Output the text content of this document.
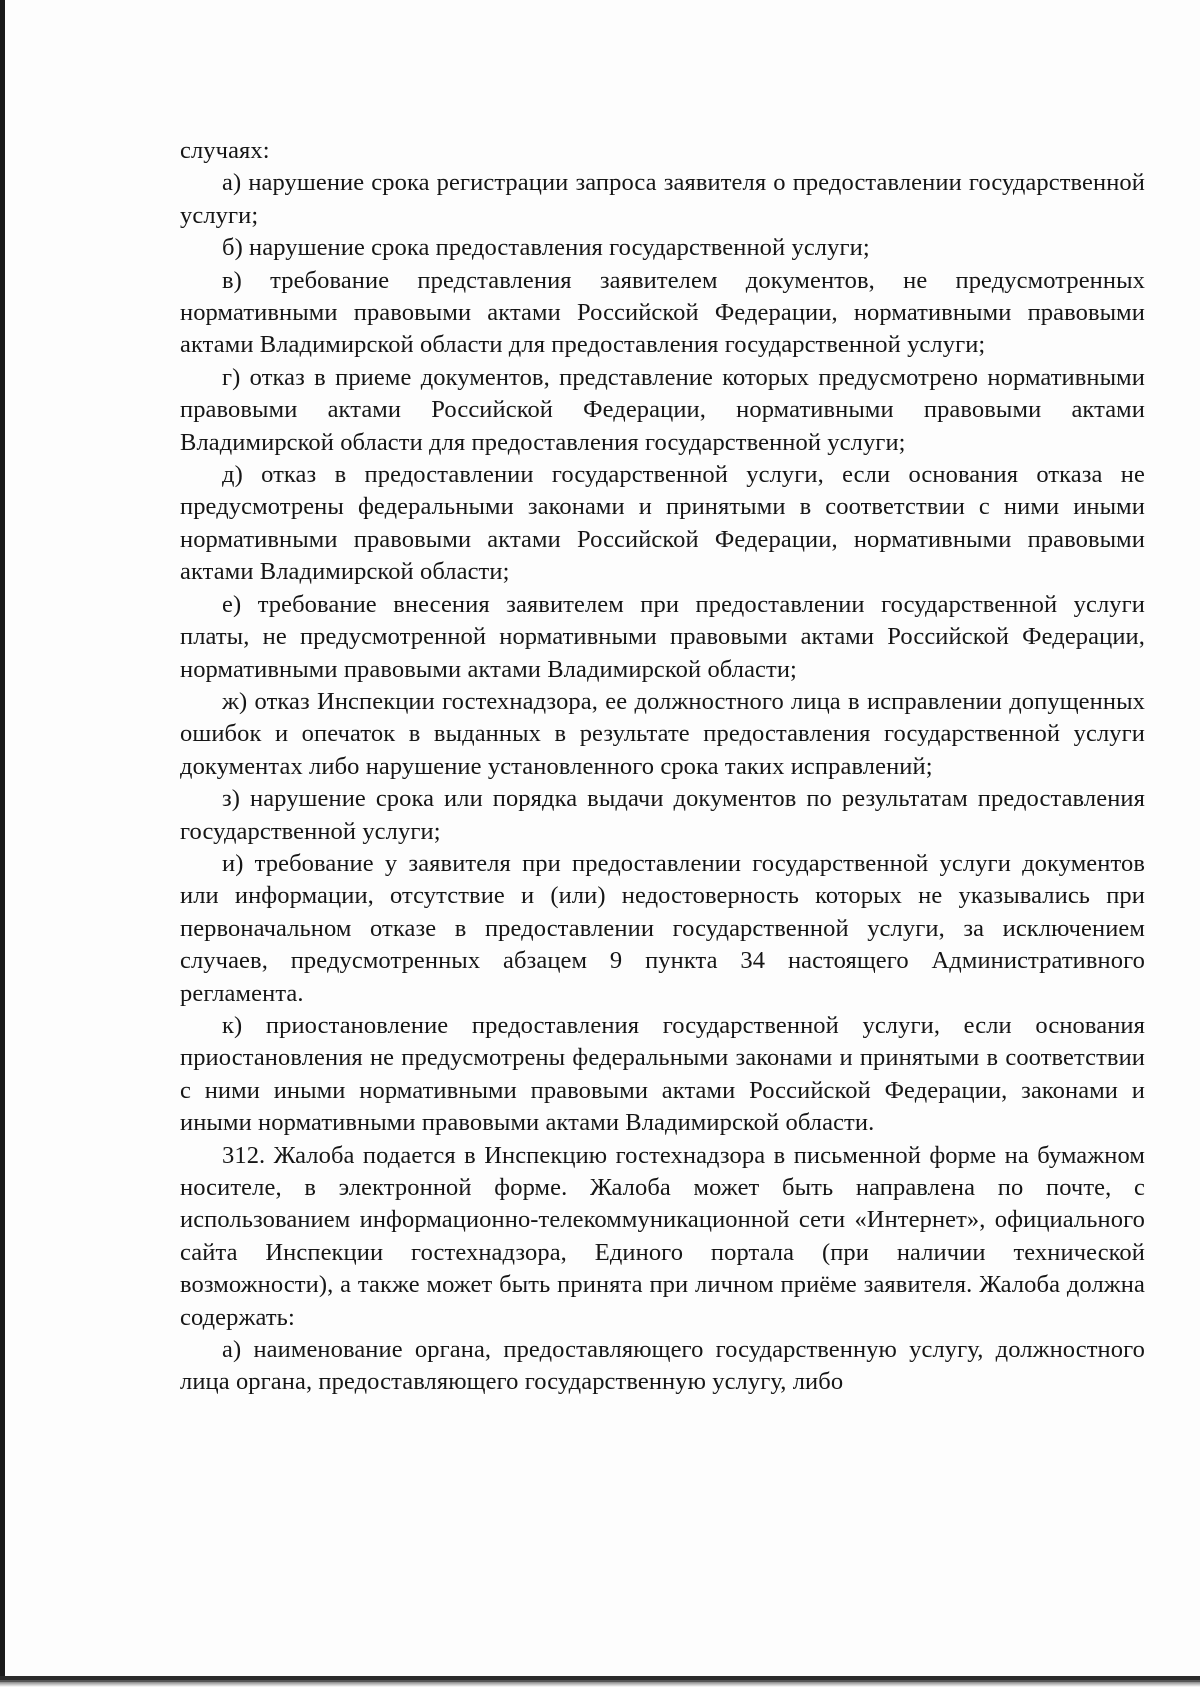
случаях:

а) нарушение срока регистрации запроса заявителя о предоставлении государственной услуги;

б) нарушение срока предоставления государственной услуги;

в) требование представления заявителем документов, не предусмотренных нормативными правовыми актами Российской Федерации, нормативными правовыми актами Владимирской области для предоставления государственной услуги;

г) отказ в приеме документов, представление которых предусмотрено нормативными правовыми актами Российской Федерации, нормативными правовыми актами Владимирской области для предоставления государственной услуги;

д) отказ в предоставлении государственной услуги, если основания отказа не предусмотрены федеральными законами и принятыми в соответствии с ними иными нормативными правовыми актами Российской Федерации, нормативными правовыми актами Владимирской области;

е) требование внесения заявителем при предоставлении государственной услуги платы, не предусмотренной нормативными правовыми актами Российской Федерации, нормативными правовыми актами Владимирской области;

ж) отказ Инспекции гостехнадзора, ее должностного лица в исправлении допущенных ошибок и опечаток в выданных в результате предоставления государственной услуги документах либо нарушение установленного срока таких исправлений;

з) нарушение срока или порядка выдачи документов по результатам предоставления государственной услуги;

и) требование у заявителя при предоставлении государственной услуги документов или информации, отсутствие и (или) недостоверность которых не указывались при первоначальном отказе в предоставлении государственной услуги, за исключением случаев, предусмотренных абзацем 9 пункта 34 настоящего Административного регламента.

к) приостановление предоставления государственной услуги, если основания приостановления не предусмотрены федеральными законами и принятыми в соответствии с ними иными нормативными правовыми актами Российской Федерации, законами и иными нормативными правовыми актами Владимирской области.

312. Жалоба подается в Инспекцию гостехнадзора в письменной форме на бумажном носителе, в электронной форме. Жалоба может быть направлена по почте, с использованием информационно-телекоммуникационной сети «Интернет», официального сайта Инспекции гостехнадзора, Единого портала (при наличии технической возможности), а также может быть принята при личном приёме заявителя. Жалоба должна содержать:

а) наименование органа, предоставляющего государственную услугу, должностного лица органа, предоставляющего государственную услугу, либо
